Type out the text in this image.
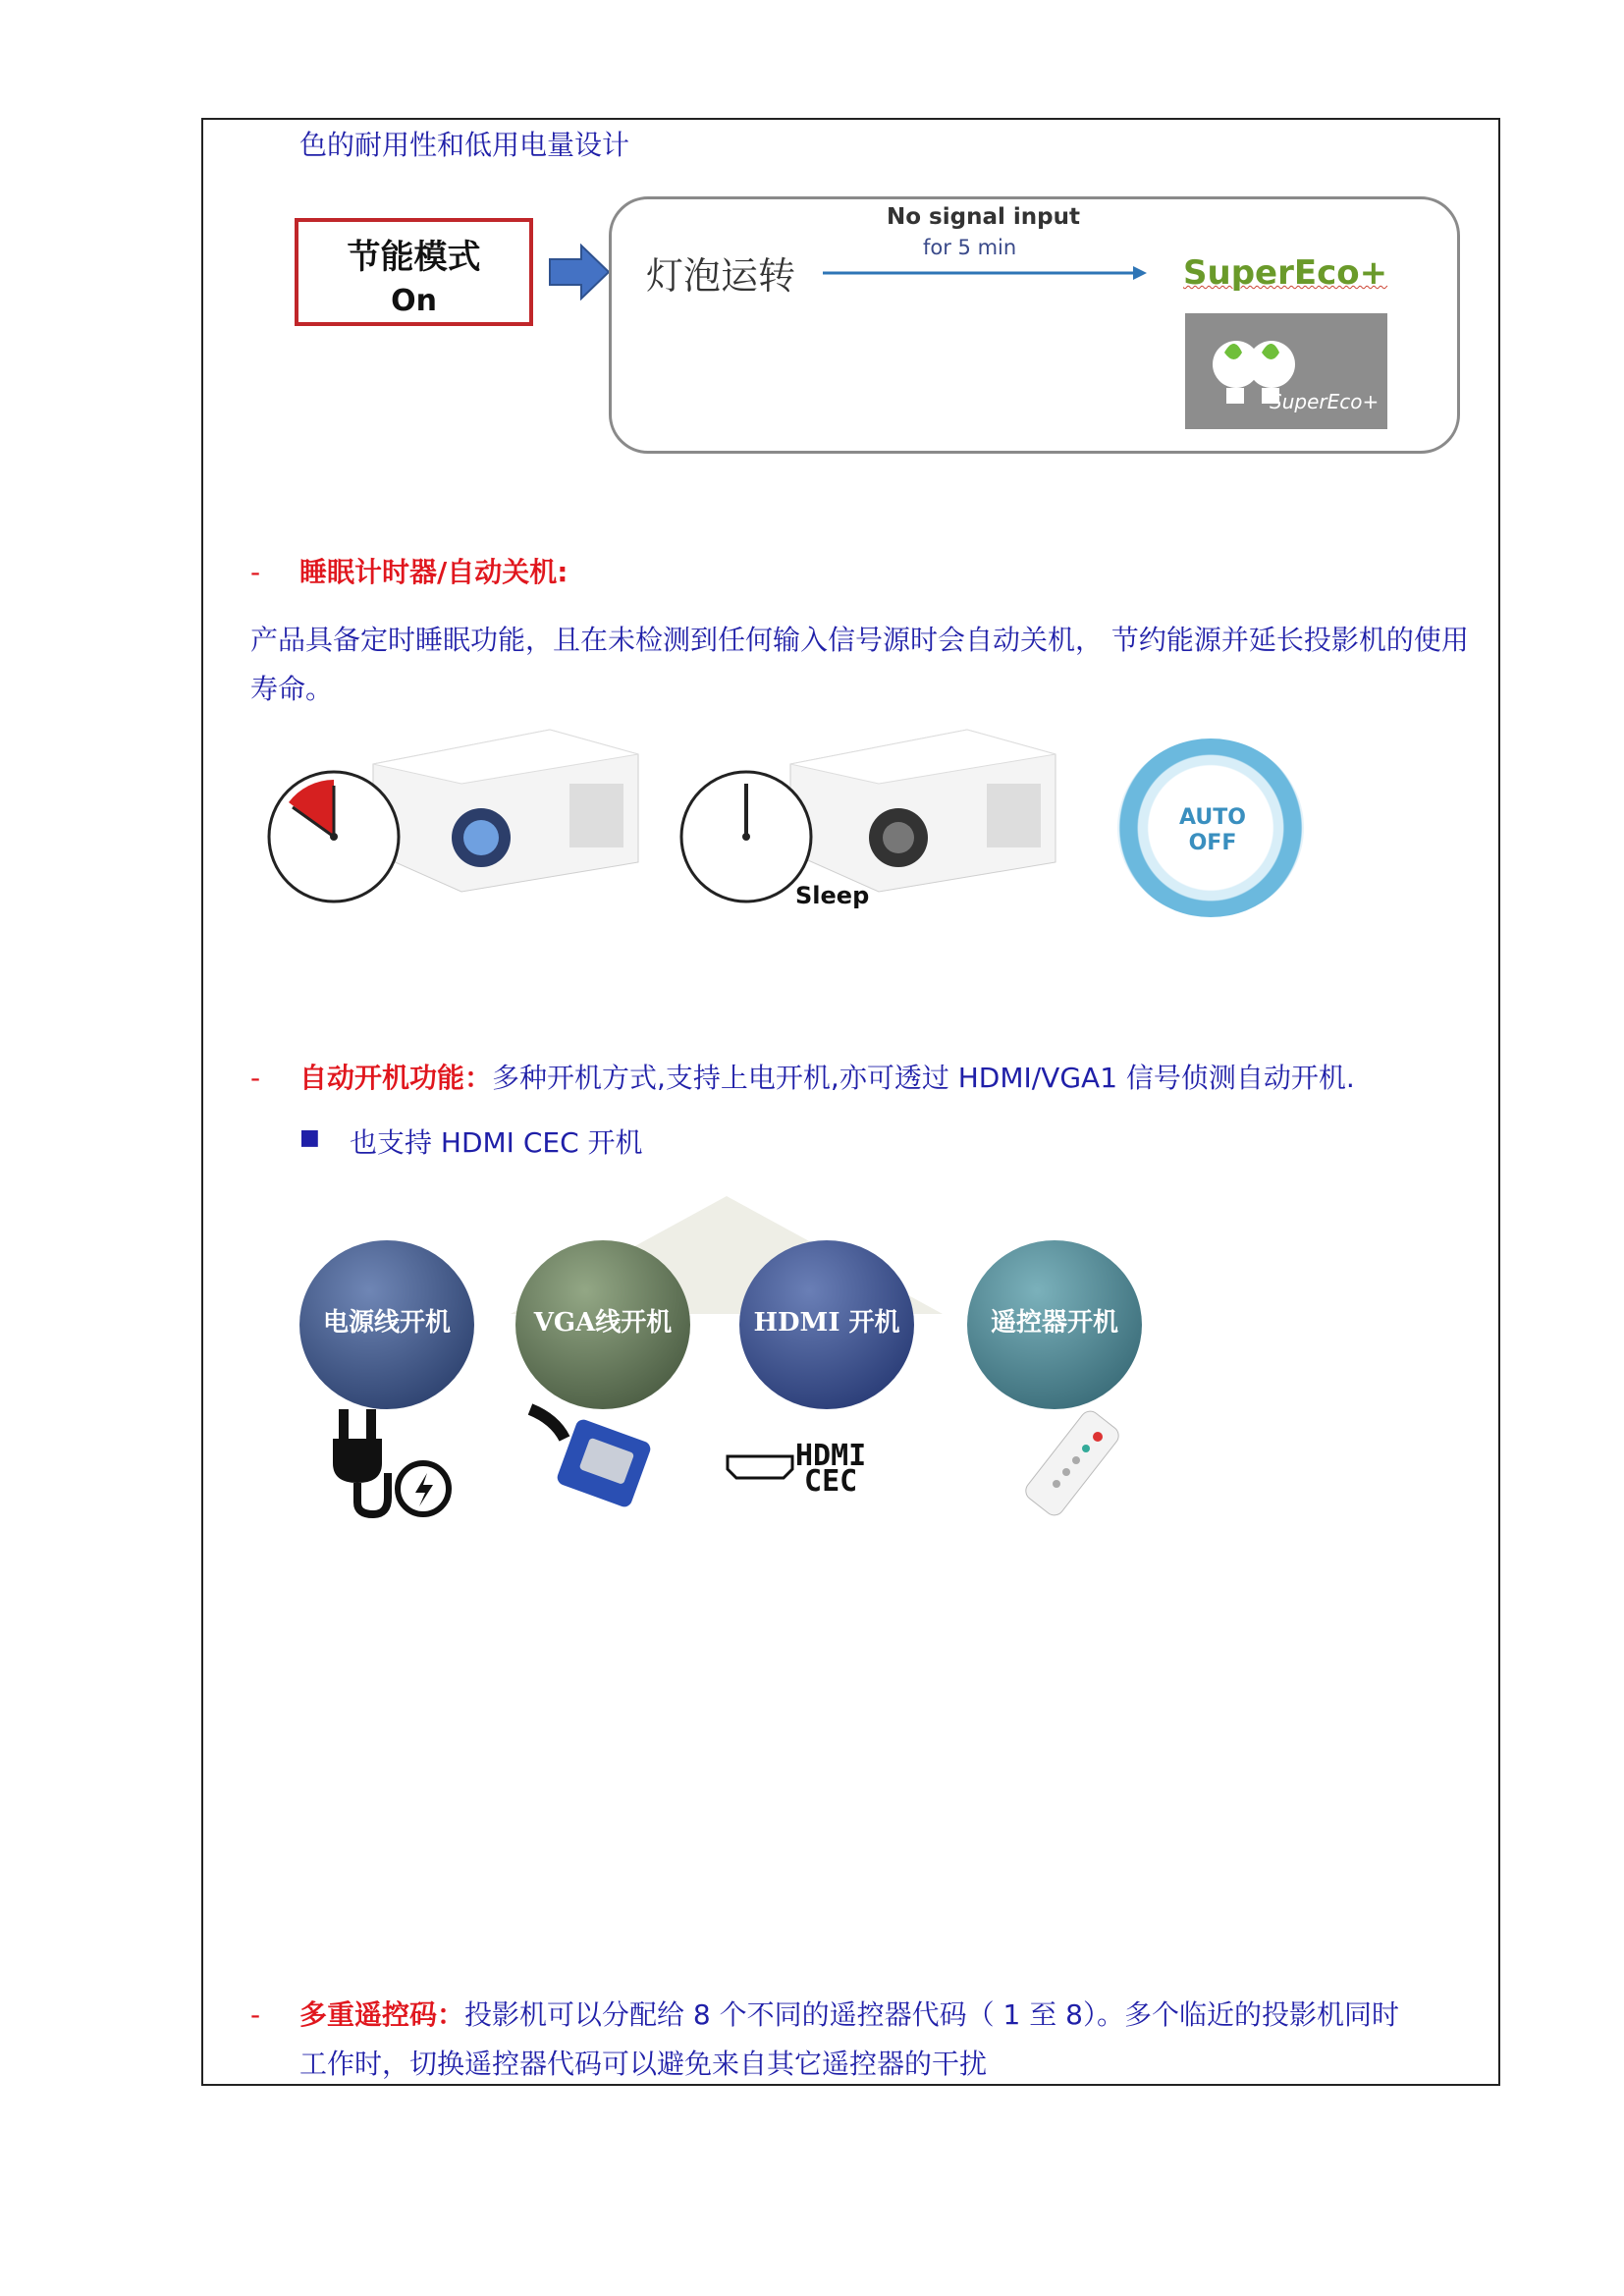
色的耐用性和低用电量设计
节能模式
On
灯泡运转
No signal input
for 5 min
SuperEco+
SuperEco+
- 睡眠计时器/自动关机:
产品具备定时睡眠功能，且在未检测到任何输入信号源时会自动关机， 节约能源并延长投影机的使用寿命。
Sleep
AUTO
OFF
- 自动开机功能：多种开机方式,支持上电开机,亦可透过 HDMI/VGA1 信号侦测自动开机.
■ 也支持 HDMI CEC 开机
电源线开机	VGA线开机	HDMI 开机	遥控器开机
HDMI
CEC
- 多重遥控码：投影机可以分配给 8 个不同的遥控器代码（ 1 至 8）。多个临近的投影机同时
工作时，切换遥控器代码可以避免来自其它遥控器的干扰
